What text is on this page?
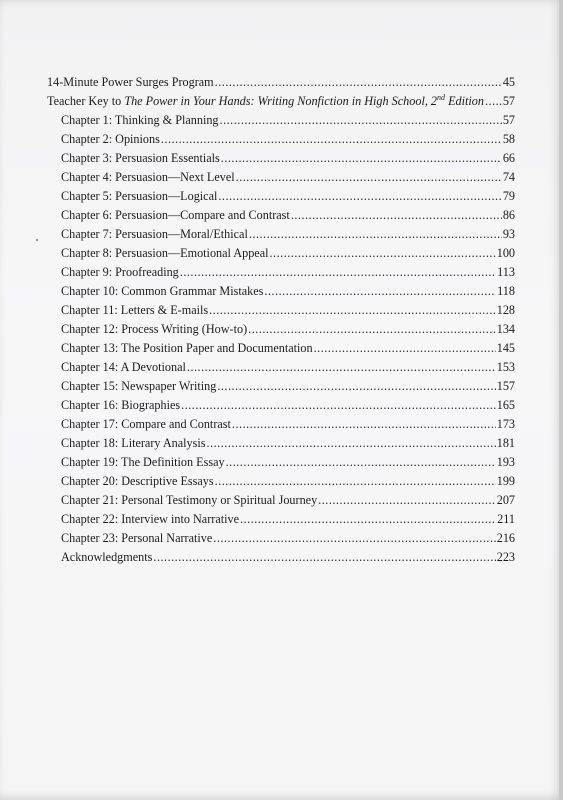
14-Minute Power Surges Program .....	45
Teacher Key to The Power in Your Hands: Writing Nonfiction in High School, 2nd Edition ..... 57
Chapter 1: Thinking & Planning .....	57
Chapter 2: Opinions .....	58
Chapter 3: Persuasion Essentials .....	66
Chapter 4: Persuasion—Next Level .....	74
Chapter 5: Persuasion—Logical .....	79
Chapter 6: Persuasion—Compare and Contrast .....	86
Chapter 7: Persuasion—Moral/Ethical .....	93
Chapter 8: Persuasion—Emotional Appeal .....	100
Chapter 9: Proofreading .....	113
Chapter 10: Common Grammar Mistakes .....	118
Chapter 11: Letters & E-mails .....	128
Chapter 12: Process Writing (How-to) .....	134
Chapter 13: The Position Paper and Documentation .....	145
Chapter 14: A Devotional .....	153
Chapter 15: Newspaper Writing .....	157
Chapter 16: Biographies .....	165
Chapter 17: Compare and Contrast .....	173
Chapter 18: Literary Analysis .....	181
Chapter 19: The Definition Essay .....	193
Chapter 20: Descriptive Essays .....	199
Chapter 21: Personal Testimony or Spiritual Journey .....	207
Chapter 22: Interview into Narrative .....	211
Chapter 23: Personal Narrative .....	216
Acknowledgments .....	223
